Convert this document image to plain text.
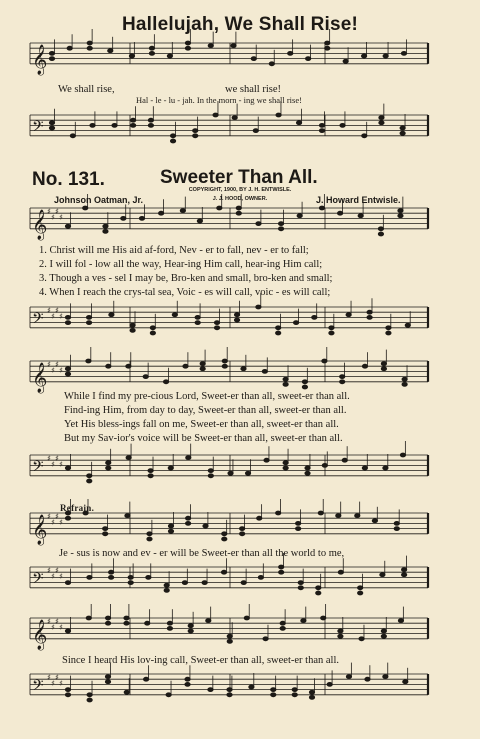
Hallelujah, We Shall Rise!
𝄞
𝄢
𝄞 ♯
♯
♯
♯
𝄢 ♯
♯
♯
♯
𝄞 ♯
♯
♯
♯
𝄢 ♯
♯
♯
♯
𝄞 ♯
♯
♯
♯
𝄢 ♯
♯
♯
♯
𝄞 ♯
♯
♯
♯
𝄢 ♯
♯
♯
♯
We shall rise,	we shall rise!
Hal - le - lu - jah. In the morn - ing we shall rise!
No. 131.	Sweeter Than All.
COPYRIGHT, 1900, BY J. H. ENTWISLE.
J. J. HOOD, OWNER.
Johnson Oatman, Jr.	J. Howard Entwisle.
1. Christ will me His aid af-ford, Nev - er to fall, nev - er to fall;
2. I will fol - low all the way, Hear-ing Him call, hear-ing Him call;
3. Though a ves - sel I may be, Bro-ken and small, bro-ken and small;
4. When I reach the crys-tal sea, Voic - es will call, voic - es will call;
While I find my pre-cious Lord, Sweet-er than all, sweet-er than all.
Find-ing Him, from day to day, Sweet-er than all, sweet-er than all.
Yet His bless-ings fall on me, Sweet-er than all, sweet-er than all.
But my Sav-ior's voice will be Sweet-er than all, sweet-er than all.
Refrain.
Je - sus is now and ev - er will be Sweet-er than all the world to me,
Since I heard His lov-ing call, Sweet-er than all, sweet-er than all.
